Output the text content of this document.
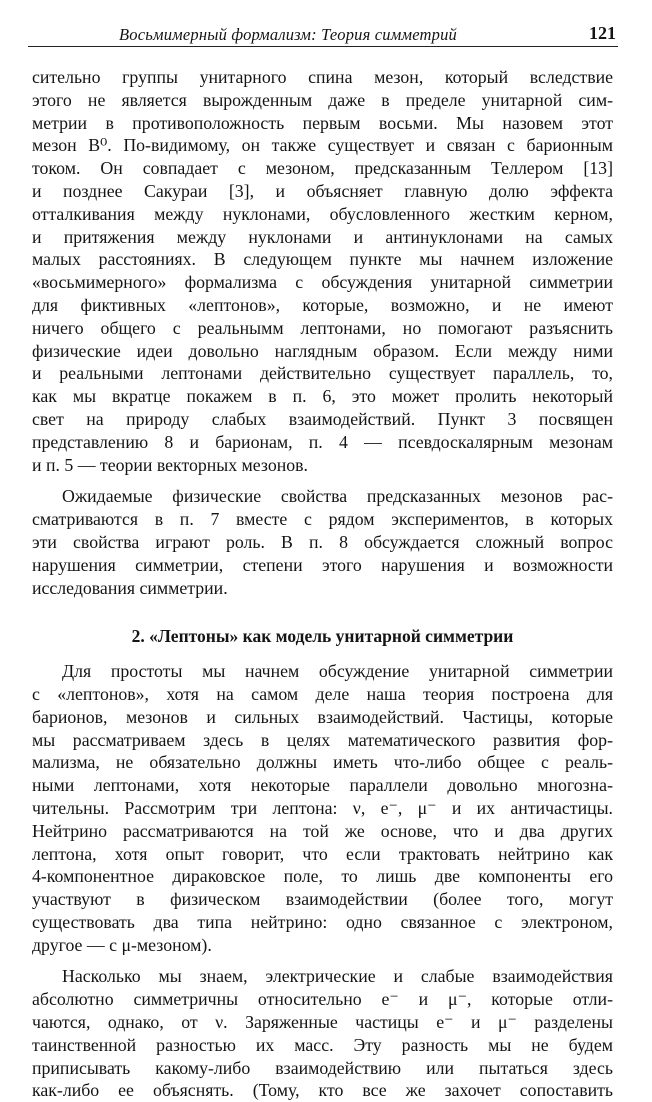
Восьмимерный формализм: Теория симметрий	121
сительно группы унитарного спина мезон, который вследствие
этого не является вырожденным даже в пределе унитарной сим-
метрии в противоположность первым восьми. Мы назовем этот
мезон B⁰. По-видимому, он также существует и связан с барионным
током. Он совпадает с мезоном, предсказанным Теллером [13]
и позднее Сакураи [3], и объясняет главную долю эффекта
отталкивания между нуклонами, обусловленного жестким керном,
и притяжения между нуклонами и антинуклонами на самых
малых расстояниях. В следующем пункте мы начнем изложение
«восьмимерного» формализма с обсуждения унитарной симметрии
для фиктивных «лептонов», которые, возможно, и не имеют
ничего общего с реальнымм лептонами, но помогают разъяснить
физические идеи довольно наглядным образом. Если между ними
и реальными лептонами действительно существует параллель, то,
как мы вкратце покажем в п. 6, это может пролить некоторый
свет на природу слабых взаимодействий. Пункт 3 посвящен
представлению 8 и барионам, п. 4 — псевдоскалярным мезонам
и п. 5 — теории векторных мезонов.
Ожидаемые физические свойства предсказанных мезонов рас-
сматриваются в п. 7 вместе с рядом экспериментов, в которых
эти свойства играют роль. В п. 8 обсуждается сложный вопрос
нарушения симметрии, степени этого нарушения и возможности
исследования симметрии.
2. «Лептоны» как модель унитарной симметрии
Для простоты мы начнем обсуждение унитарной симметрии
с «лептонов», хотя на самом деле наша теория построена для
барионов, мезонов и сильных взаимодействий. Частицы, которые
мы рассматриваем здесь в целях математического развития фор-
мализма, не обязательно должны иметь что-либо общее с реаль-
ными лептонами, хотя некоторые параллели довольно многозна-
чительны. Рассмотрим три лептона: ν, e⁻, μ⁻ и их античастицы.
Нейтрино рассматриваются на той же основе, что и два других
лептона, хотя опыт говорит, что если трактовать нейтрино как
4-компонентное дираковское поле, то лишь две компоненты его
участвуют в физическом взаимодействии (более того, могут
существовать два типа нейтрино: одно связанное с электроном,
другое — с μ-мезоном).
Насколько мы знаем, электрические и слабые взаимодействия
абсолютно симметричны относительно e⁻ и μ⁻, которые отли-
чаются, однако, от ν. Заряженные частицы e⁻ и μ⁻ разделены
таинственной разностью их масс. Эту разность мы не будем
приписывать какому-либо взаимодействию или пытаться здесь
как-либо ее объяснять. (Тому, кто все же захочет сопоставить
